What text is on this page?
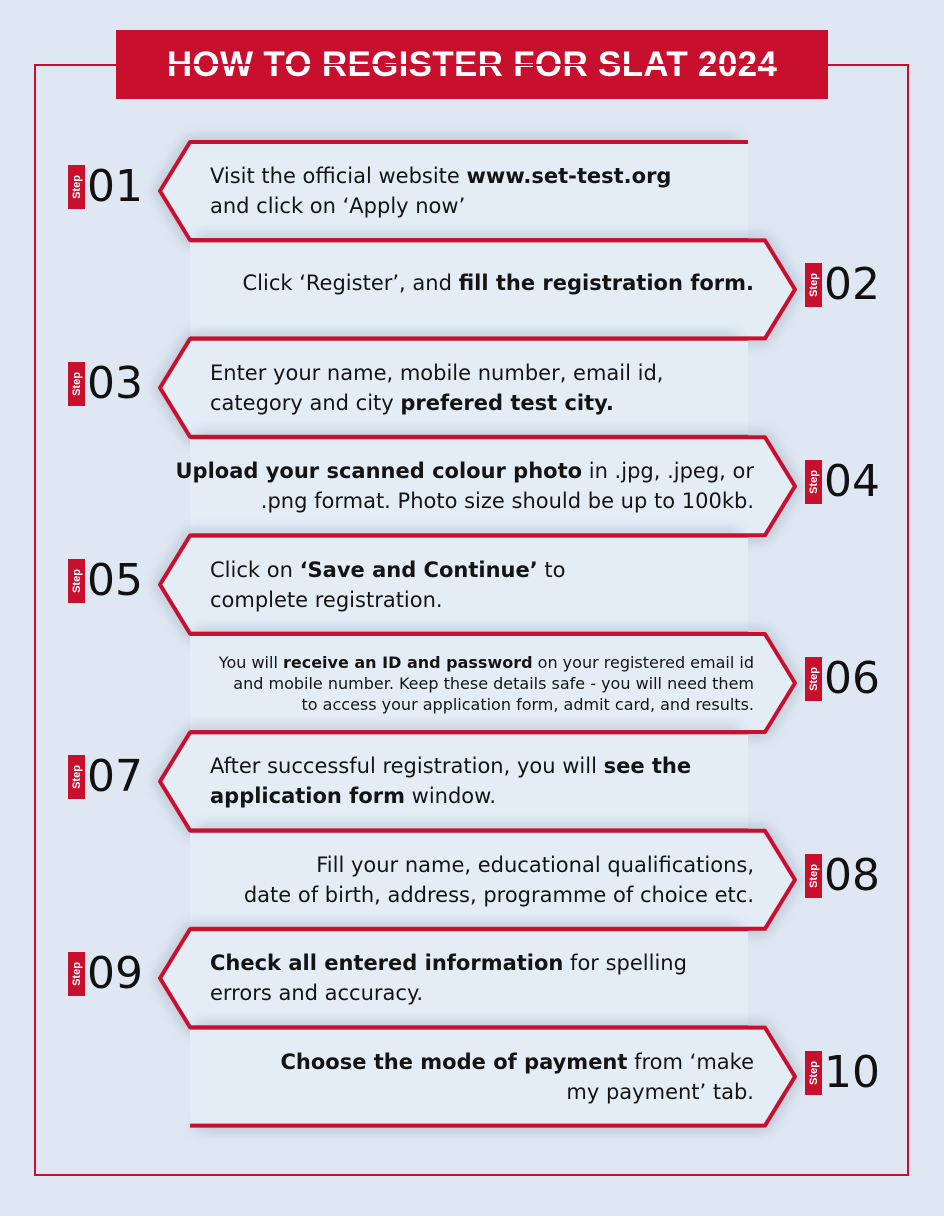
HOW TO REGISTER FOR SLAT 2024
Step 01	Visit the official website www.set-test.org
and click on ‘Apply now’
Step 02
Click ‘Register’, and fill the registration form.
Step 03	Enter your name, mobile number, email id,
category and city prefered test city.
Step 04
Upload your scanned colour photo in .jpg, .jpeg, or
.png format. Photo size should be up to 100kb.
Step 05	Click on ‘Save and Continue’ to
complete registration.
Step 06
You will receive an ID and password on your registered email id
and mobile number. Keep these details safe - you will need them
to access your application form, admit card, and results.
Step 07	After successful registration, you will see the
application form window.
Step 08
Fill your name, educational qualifications,
date of birth, address, programme of choice etc.
Step 09	Check all entered information for spelling
errors and accuracy.
Step 10
Choose the mode of payment from ‘make
my payment’ tab.
